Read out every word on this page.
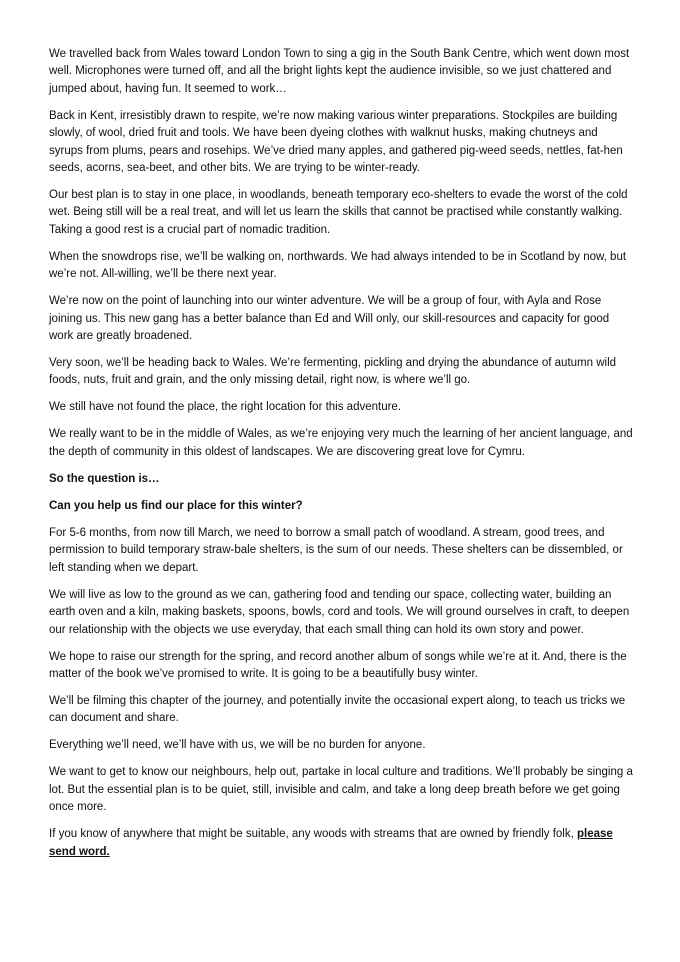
We travelled back from Wales toward London Town to sing a gig in the South Bank Centre, which went down most well. Microphones were turned off, and all the bright lights kept the audience invisible, so we just chattered and jumped about, having fun. It seemed to work…

Back in Kent, irresistibly drawn to respite, we’re now making various winter preparations. Stockpiles are building slowly, of wool, dried fruit and tools. We have been dyeing clothes with walknut husks, making chutneys and syrups from plums, pears and rosehips. We’ve dried many apples, and gathered pig-weed seeds, nettles, fat-hen seeds, acorns, sea-beet, and other bits. We are trying to be winter-ready.

Our best plan is to stay in one place, in woodlands, beneath temporary eco-shelters to evade the worst of the cold wet. Being still will be a real treat, and will let us learn the skills that cannot be practised while constantly walking. Taking a good rest is a crucial part of nomadic tradition.

When the snowdrops rise, we’ll be walking on, northwards. We had always intended to be in Scotland by now, but we’re not. All-willing, we’ll be there next year.

We’re now on the point of launching into our winter adventure. We will be a group of four, with Ayla and Rose joining us. This new gang has a better balance than Ed and Will only, our skill-resources and capacity for good work are greatly broadened.

Very soon, we’ll be heading back to Wales. We’re fermenting, pickling and drying the abundance of autumn wild foods, nuts, fruit and grain, and the only missing detail, right now, is where we’ll go.

We still have not found the place, the right location for this adventure.

We really want to be in the middle of Wales, as we’re enjoying very much the learning of her ancient language, and the depth of community in this oldest of landscapes. We are discovering great love for Cymru.

So the question is…

Can you help us find our place for this winter?

For 5-6 months, from now till March, we need to borrow a small patch of woodland. A stream, good trees, and permission to build temporary straw-bale shelters, is the sum of our needs. These shelters can be dissembled, or left standing when we depart.

We will live as low to the ground as we can, gathering food and tending our space, collecting water, building an earth oven and a kiln, making baskets, spoons, bowls, cord and tools. We will ground ourselves in craft, to deepen our relationship with the objects we use everyday, that each small thing can hold its own story and power.

We hope to raise our strength for the spring, and record another album of songs while we’re at it. And, there is the matter of the book we’ve promised to write. It is going to be a beautifully busy winter.

We’ll be filming this chapter of the journey, and potentially invite the occasional expert along, to teach us tricks we can document and share.

Everything we’ll need, we’ll have with us, we will be no burden for anyone.

We want to get to know our neighbours, help out, partake in local culture and traditions. We’ll probably be singing a lot. But the essential plan is to be quiet, still, invisible and calm, and take a long deep breath before we get going once more.

If you know of anywhere that might be suitable, any woods with streams that are owned by friendly folk, please send word.
